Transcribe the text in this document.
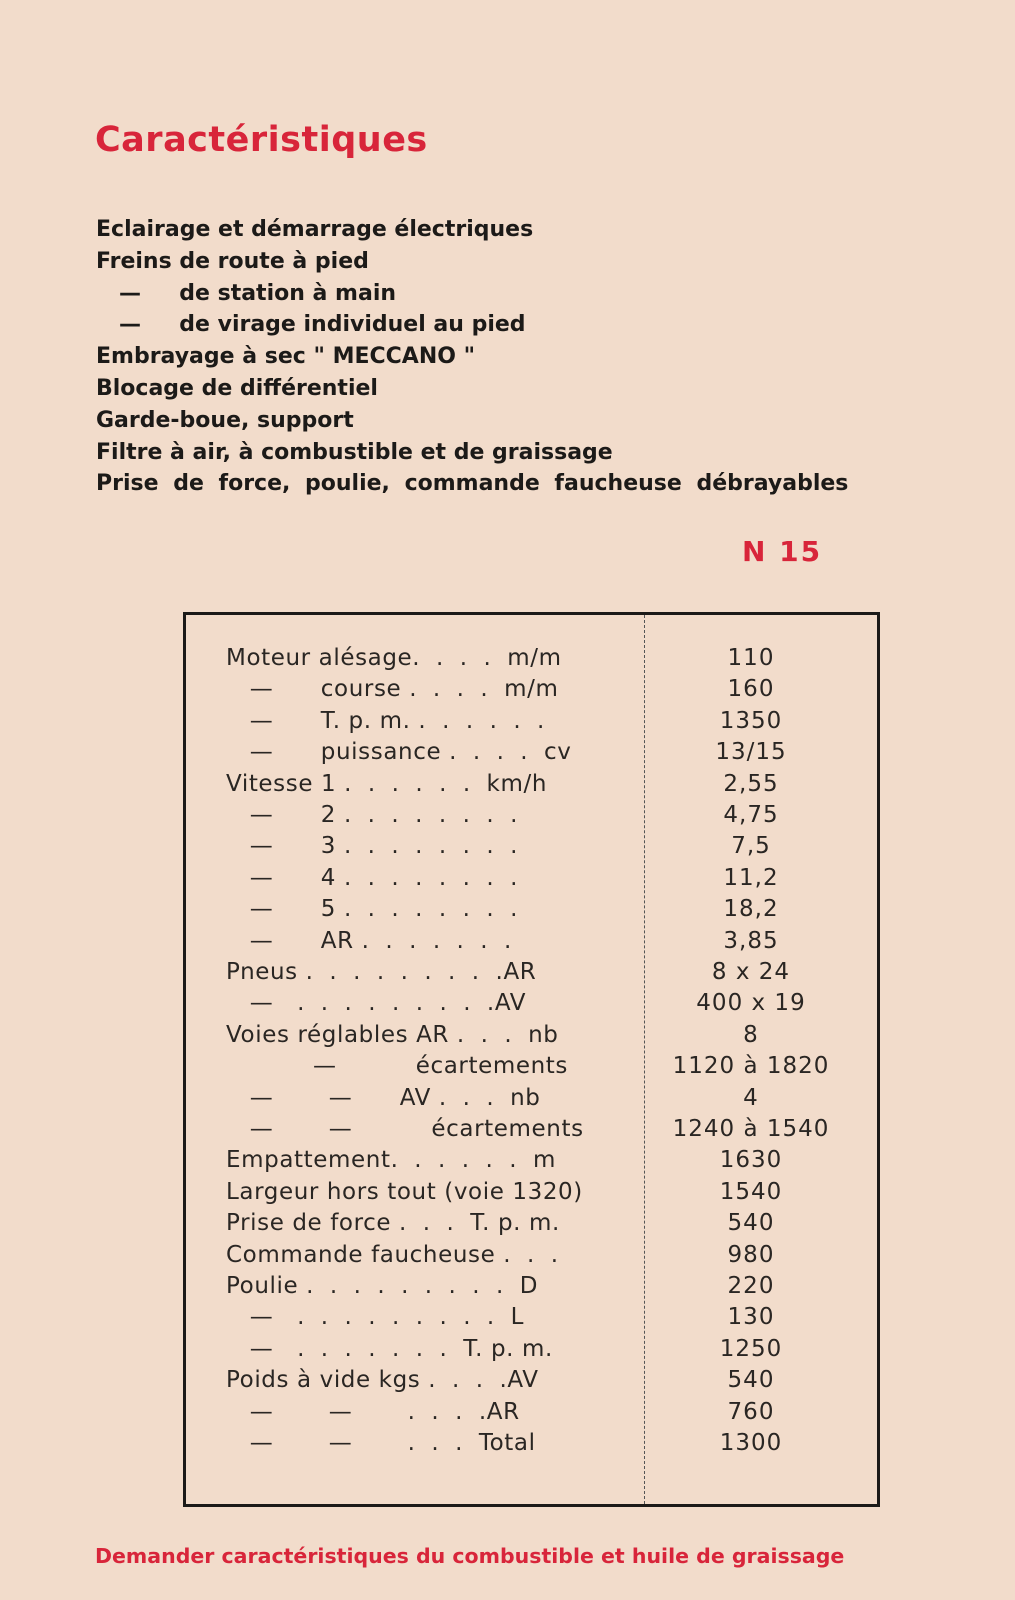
Caractéristiques
Eclairage et démarrage électriques
Freins de route à pied
—     de station à main
—     de virage individuel au pied
Embrayage à sec " MECCANO "
Blocage de différentiel
Garde-boue, support
Filtre à air, à combustible et de graissage
Prise de force, poulie, commande faucheuse débrayables
N 15
Moteur alésage.  .  .  .  m/m	110
—      course .  .  .  .  m/m	160
—      T. p. m. .  .  .  .  .  .	1350
—      puissance .  .  .  .  cv	13/15
Vitesse 1 .  .  .  .  .  .  km/h	2,55
—      2 .  .  .  .  .  .  .  .	4,75
—      3 .  .  .  .  .  .  .  .	7,5
—      4 .  .  .  .  .  .  .  .	11,2
—      5 .  .  .  .  .  .  .  .	18,2
—      AR .  .  .  .  .  .  .	3,85
Pneus .  .  .  .  .  .  .  .  .AR	8 x 24
—   .  .  .  .  .  .  .  .  .AV	400 x 19
Voies réglables AR .  .  .  nb	8
—          écartements	1120 à 1820
—       —      AV .  .  .  nb	4
—       —          écartements	1240 à 1540
Empattement.  .  .  .  .  .  m	1630
Largeur hors tout (voie 1320)	1540
Prise de force .  .  .  T. p. m.	540
Commande faucheuse .  .  .	980
Poulie .  .  .  .  .  .  .  .  .  D	220
—   .  .  .  .  .  .  .  .  .  L	130
—   .  .  .  .  .  .  .  T. p. m.	1250
Poids à vide kgs .  .  .  .AV	540
—       —       .  .  .  .AR	760
—       —       .  .  .  Total	1300
Demander caractéristiques du combustible et huile de graissage
